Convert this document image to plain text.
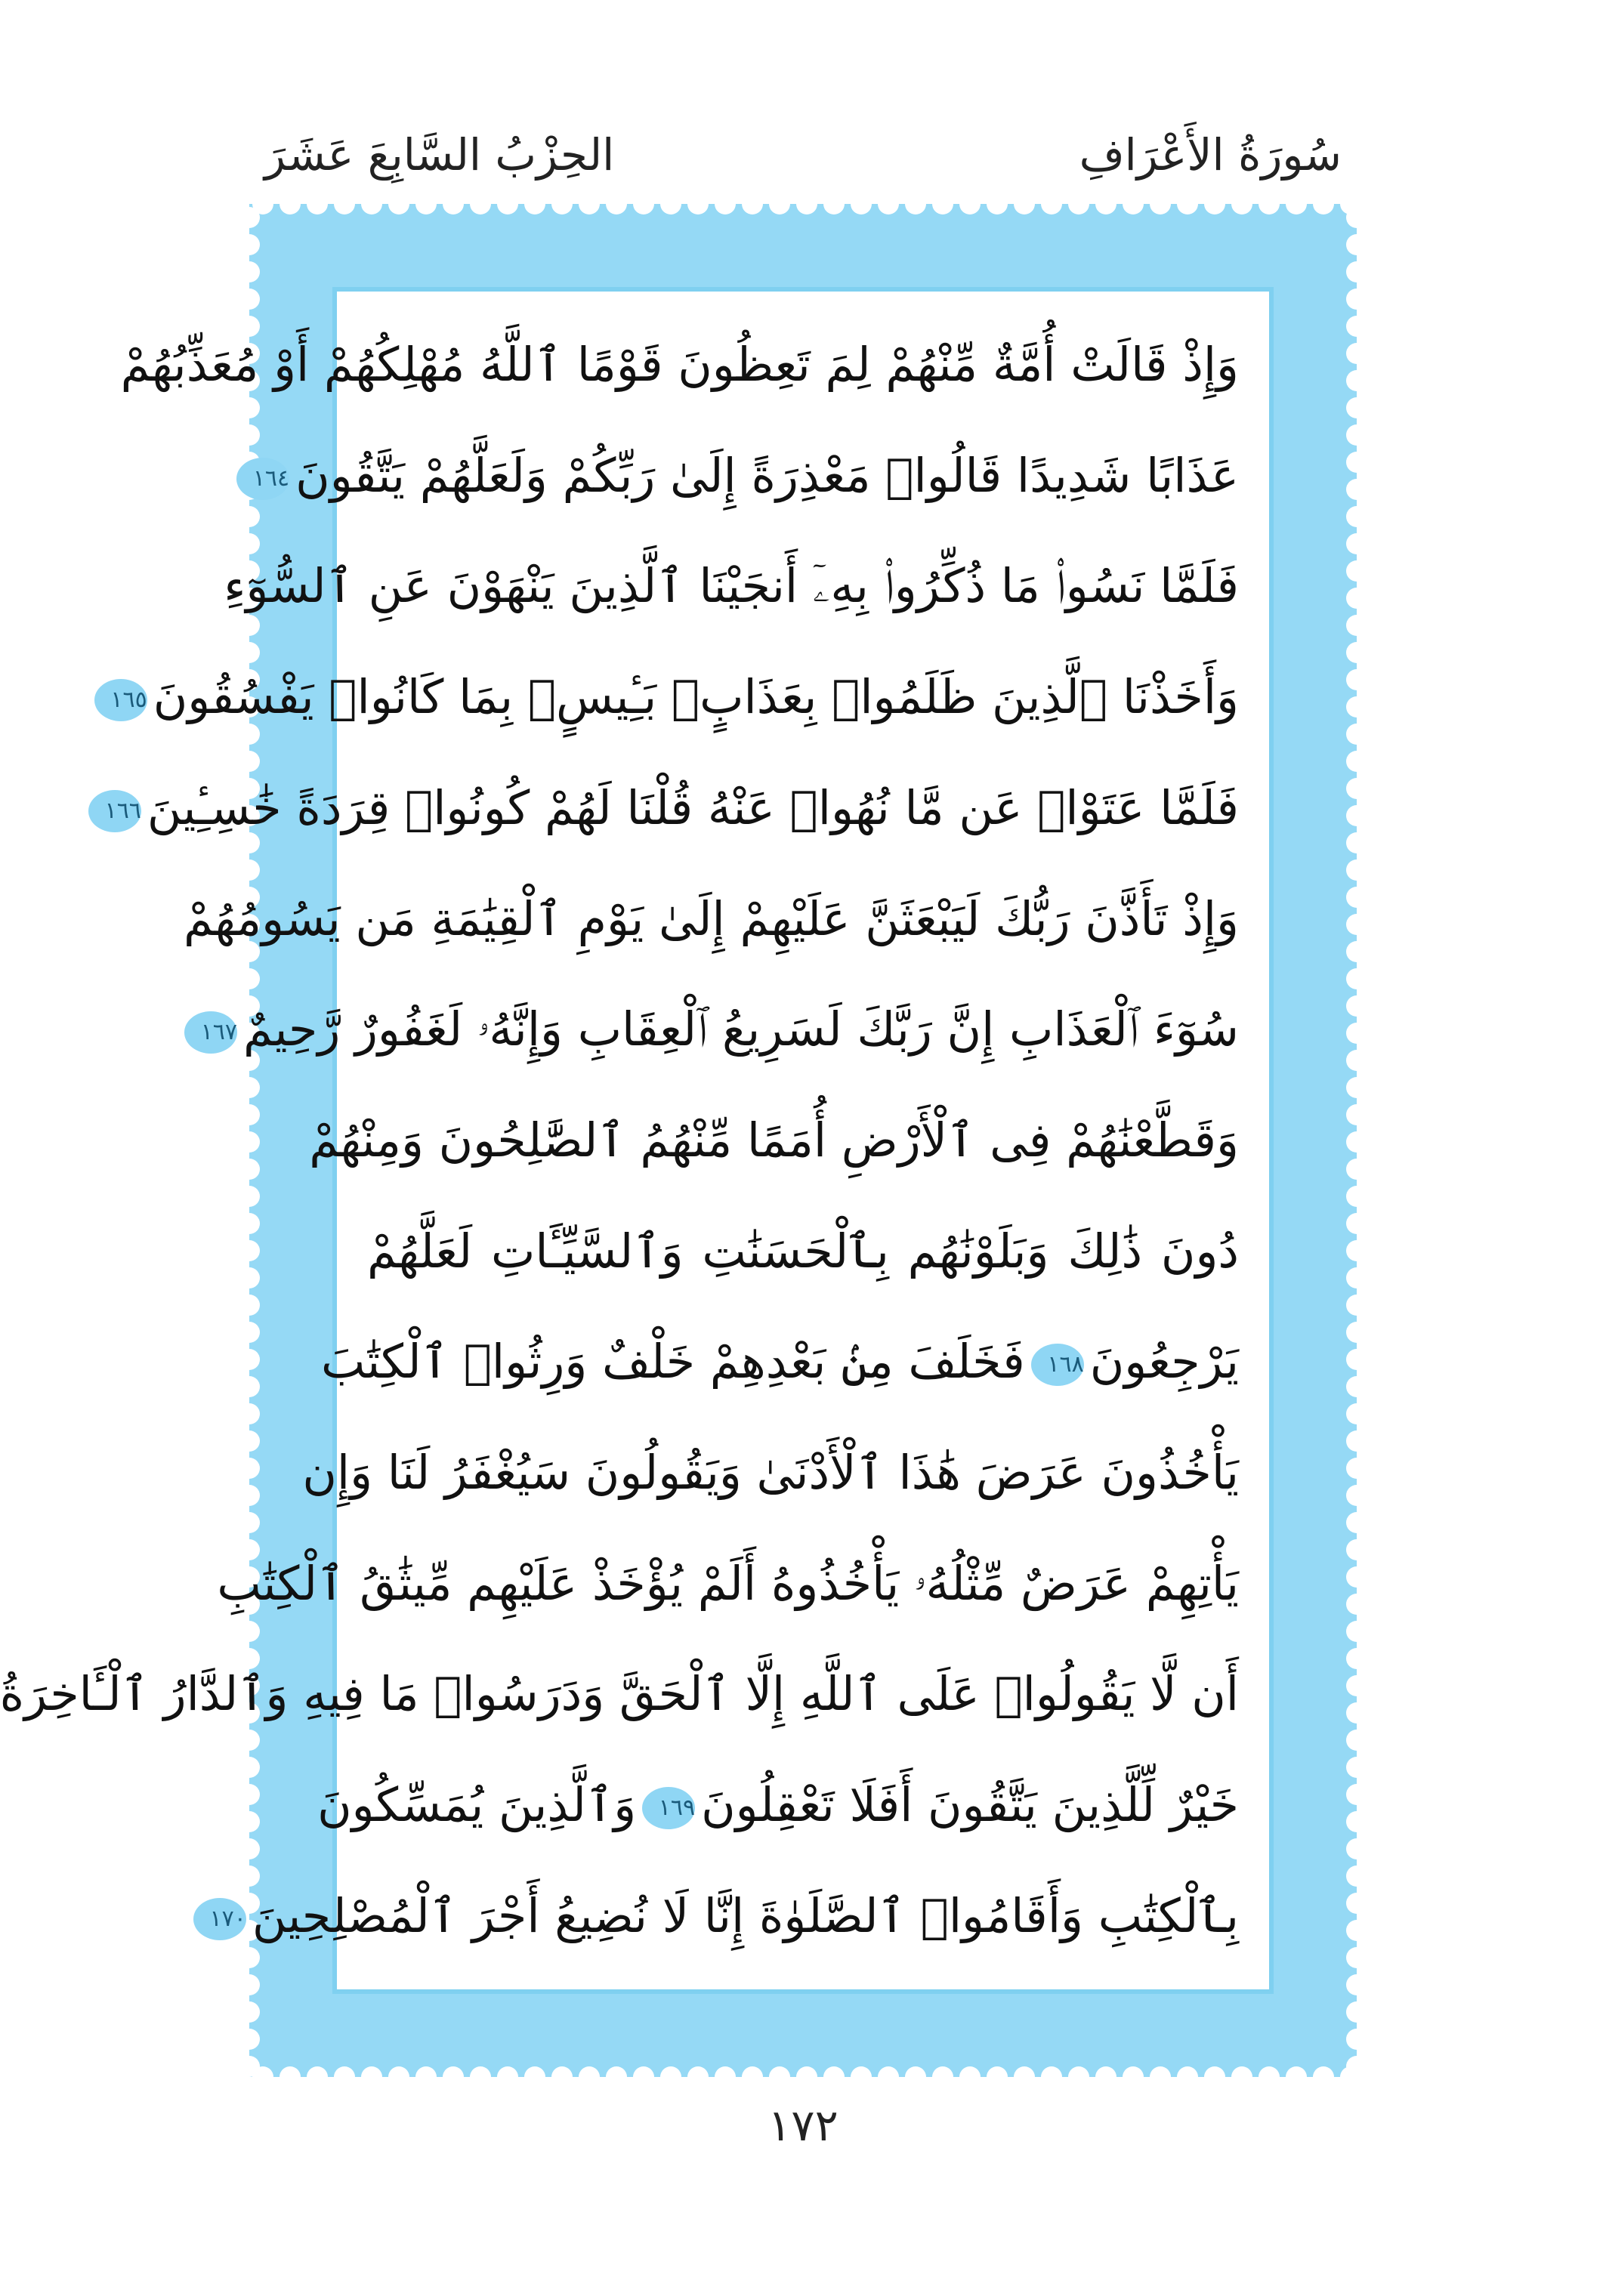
سُورَةُ الأَعْرَافِ
الحِزْبُ السَّابِعَ عَشَرَ
وَإِذْ قَالَتْ أُمَّةٌ مِّنْهُمْ لِمَ تَعِظُونَ قَوْمًا ٱللَّهُ مُهْلِكُهُمْ أَوْ مُعَذِّبُهُمْ
عَذَابًا شَدِيدًا قَالُوا۟ مَعْذِرَةً إِلَىٰ رَبِّكُمْ وَلَعَلَّهُمْ يَتَّقُونَ١٦٤
فَلَمَّا نَسُوا۟ مَا ذُكِّرُوا۟ بِهِۦٓ أَنجَيْنَا ٱلَّذِينَ يَنْهَوْنَ عَنِ ٱلسُّوٓءِ
وَأَخَذْنَا ٱلَّذِينَ ظَلَمُوا۟ بِعَذَابٍۭ بَـِٔيسٍۭ بِمَا كَانُوا۟ يَفْسُقُونَ١٦٥
فَلَمَّا عَتَوْا۟ عَن مَّا نُهُوا۟ عَنْهُ قُلْنَا لَهُمْ كُونُوا۟ قِرَدَةً خَٰسِـِٔينَ١٦٦
وَإِذْ تَأَذَّنَ رَبُّكَ لَيَبْعَثَنَّ عَلَيْهِمْ إِلَىٰ يَوْمِ ٱلْقِيَٰمَةِ مَن يَسُومُهُمْ
سُوٓءَ ٱلْعَذَابِ إِنَّ رَبَّكَ لَسَرِيعُ ٱلْعِقَابِ وَإِنَّهُۥ لَغَفُورٌ رَّحِيمٌ١٦٧
وَقَطَّعْنَٰهُمْ فِى ٱلْأَرْضِ أُمَمًا مِّنْهُمُ ٱلصَّٰلِحُونَ وَمِنْهُمْ
دُونَ ذَٰلِكَ وَبَلَوْنَٰهُم بِٱلْحَسَنَٰتِ وَٱلسَّيِّـَٔاتِ لَعَلَّهُمْ
يَرْجِعُونَ١٦٨فَخَلَفَ مِنۢ بَعْدِهِمْ خَلْفٌ وَرِثُوا۟ ٱلْكِتَٰبَ
يَأْخُذُونَ عَرَضَ هَٰذَا ٱلْأَدْنَىٰ وَيَقُولُونَ سَيُغْفَرُ لَنَا وَإِن
يَأْتِهِمْ عَرَضٌ مِّثْلُهُۥ يَأْخُذُوهُ أَلَمْ يُؤْخَذْ عَلَيْهِم مِّيثَٰقُ ٱلْكِتَٰبِ
أَن لَّا يَقُولُوا۟ عَلَى ٱللَّهِ إِلَّا ٱلْحَقَّ وَدَرَسُوا۟ مَا فِيهِ وَٱلدَّارُ ٱلْـَٔاخِرَةُ
خَيْرٌ لِّلَّذِينَ يَتَّقُونَ أَفَلَا تَعْقِلُونَ١٦٩وَٱلَّذِينَ يُمَسِّكُونَ
بِٱلْكِتَٰبِ وَأَقَامُوا۟ ٱلصَّلَوٰةَ إِنَّا لَا نُضِيعُ أَجْرَ ٱلْمُصْلِحِينَ١٧٠
١٧٢
